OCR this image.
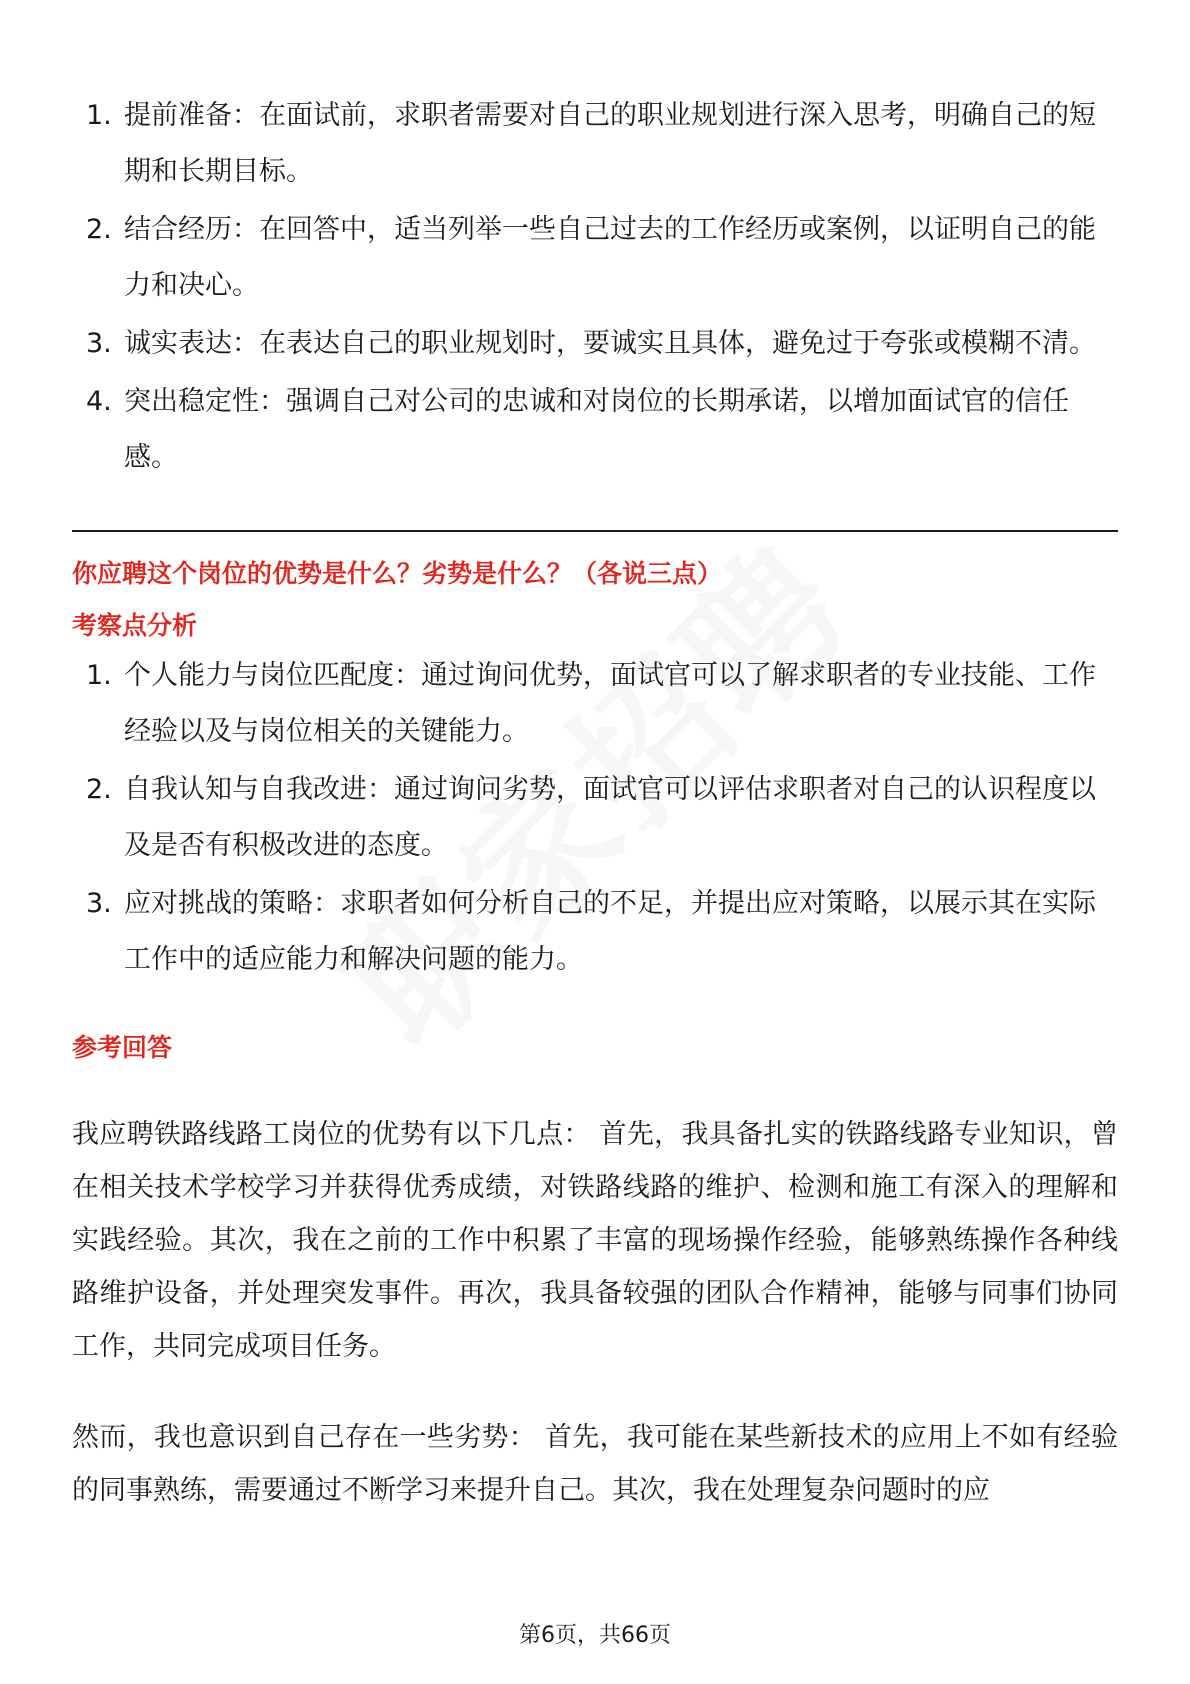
1. 提前准备：在面试前，求职者需要对自己的职业规划进行深入思考，明确自己的短期和长期目标。
2. 结合经历：在回答中，适当列举一些自己过去的工作经历或案例，以证明自己的能力和决心。
3. 诚实表达：在表达自己的职业规划时，要诚实且具体，避免过于夸张或模糊不清。
4. 突出稳定性：强调自己对公司的忠诚和对岗位的长期承诺，以增加面试官的信任感。

你应聘这个岗位的优势是什么？劣势是什么？（各说三点）

考察点分析

1. 个人能力与岗位匹配度：通过询问优势，面试官可以了解求职者的专业技能、工作经验以及与岗位相关的关键能力。
2. 自我认知与自我改进：通过询问劣势，面试官可以评估求职者对自己的认识程度以及是否有积极改进的态度。
3. 应对挑战的策略：求职者如何分析自己的不足，并提出应对策略，以展示其在实际工作中的适应能力和解决问题的能力。

参考回答

我应聘铁路线路工岗位的优势有以下几点： 首先，我具备扎实的铁路线路专业知识，曾在相关技术学校学习并获得优秀成绩，对铁路线路的维护、检测和施工有深入的理解和实践经验。其次，我在之前的工作中积累了丰富的现场操作经验，能够熟练操作各种线路维护设备，并处理突发事件。再次，我具备较强的团队合作精神，能够与同事们协同工作，共同完成项目任务。

然而，我也意识到自己存在一些劣势： 首先，我可能在某些新技术的应用上不如有经验的同事熟练，需要通过不断学习来提升自己。其次，我在处理复杂问题时的应

第6页，共66页
